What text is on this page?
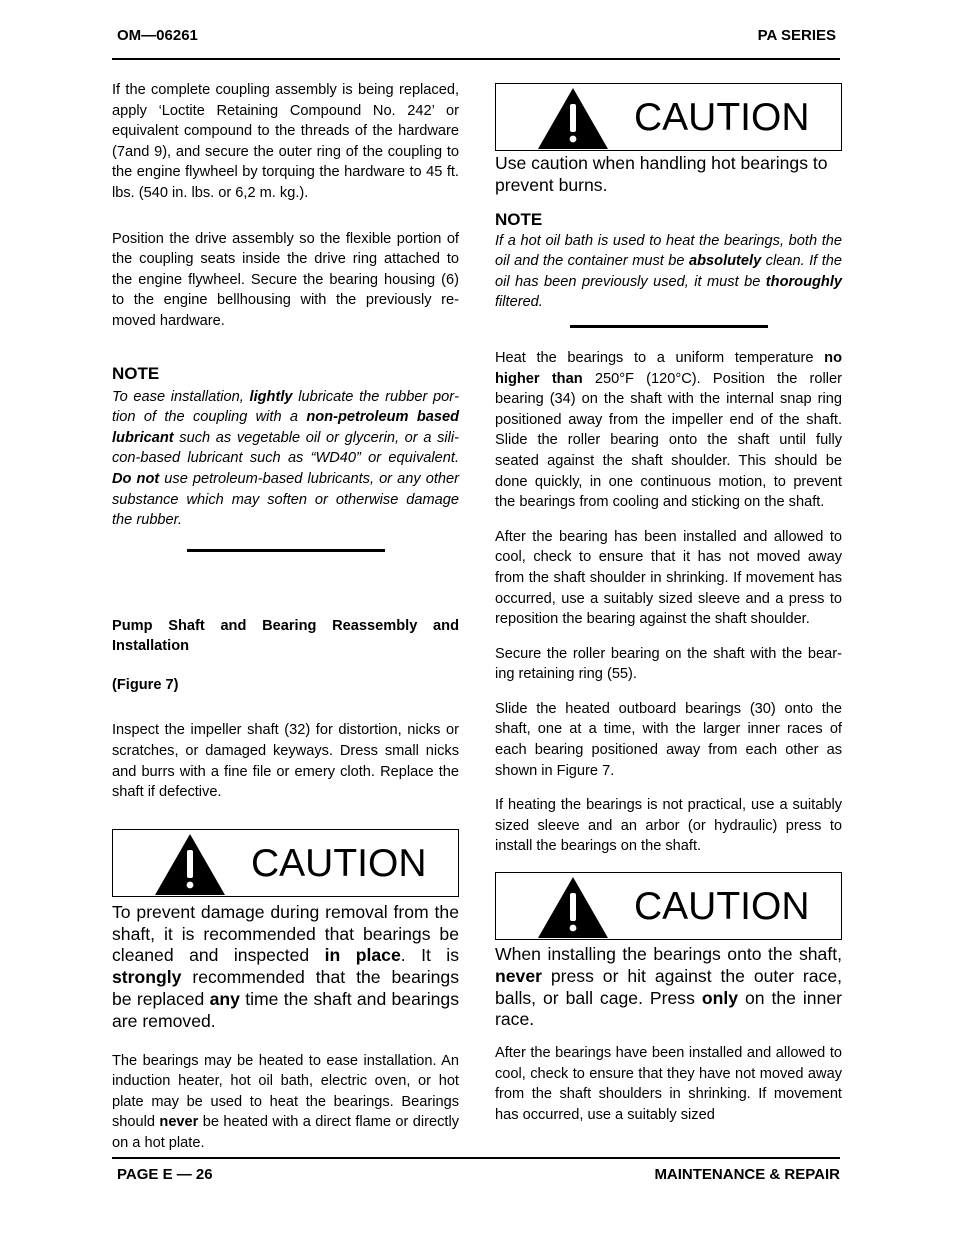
OM—06261	PA SERIES

If the complete coupling assembly is being replaced, apply ‘Loctite Retaining Compound No. 242’ or equivalent compound to the threads of the hardware (7and 9), and secure the outer ring of the coupling to the engine flywheel by torquing the hardware to 45 ft. lbs. (540 in. lbs. or 6,2 m. kg.).

Position the drive assembly so the flexible portion of the coupling seats inside the drive ring attached to the engine flywheel. Secure the bearing housing (6) to the engine bellhousing with the previously removed hardware.

NOTE

To ease installation, lightly lubricate the rubber portion of the coupling with a non-petroleum based lubricant such as vegetable oil or glycerin, or a silicon-based lubricant such as “WD40” or equivalent. Do not use petroleum-based lubricants, or any other substance which may soften or otherwise damage the rubber.

Pump Shaft and Bearing Reassembly and Installation

(Figure 7)

Inspect the impeller shaft (32) for distortion, nicks or scratches, or damaged keyways. Dress small nicks and burrs with a fine file or emery cloth. Replace the shaft if defective.

CAUTION

To prevent damage during removal from the shaft, it is recommended that bearings be cleaned and inspected in place. It is strongly recommended that the bearings be replaced any time the shaft and bearings are removed.

The bearings may be heated to ease installation. An induction heater, hot oil bath, electric oven, or hot plate may be used to heat the bearings. Bearings should never be heated with a direct flame or directly on a hot plate.

CAUTION

Use caution when handling hot bearings to prevent burns.

NOTE

If a hot oil bath is used to heat the bearings, both the oil and the container must be absolutely clean. If the oil has been previously used, it must be thoroughly filtered.

Heat the bearings to a uniform temperature no higher than 250°F (120°C). Position the roller bearing (34) on the shaft with the internal snap ring positioned away from the impeller end of the shaft. Slide the roller bearing onto the shaft until fully seated against the shaft shoulder. This should be done quickly, in one continuous motion, to prevent the bearings from cooling and sticking on the shaft.

After the bearing has been installed and allowed to cool, check to ensure that it has not moved away from the shaft shoulder in shrinking. If movement has occurred, use a suitably sized sleeve and a press to reposition the bearing against the shaft shoulder.

Secure the roller bearing on the shaft with the bearing retaining ring (55).

Slide the heated outboard bearings (30) onto the shaft, one at a time, with the larger inner races of each bearing positioned away from each other as shown in Figure 7.

If heating the bearings is not practical, use a suitably sized sleeve and an arbor (or hydraulic) press to install the bearings on the shaft.

CAUTION

When installing the bearings onto the shaft, never press or hit against the outer race, balls, or ball cage. Press only on the inner race.

After the bearings have been installed and allowed to cool, check to ensure that they have not moved away from the shaft shoulders in shrinking. If movement has occurred, use a suitably sized

PAGE E — 26	MAINTENANCE & REPAIR
